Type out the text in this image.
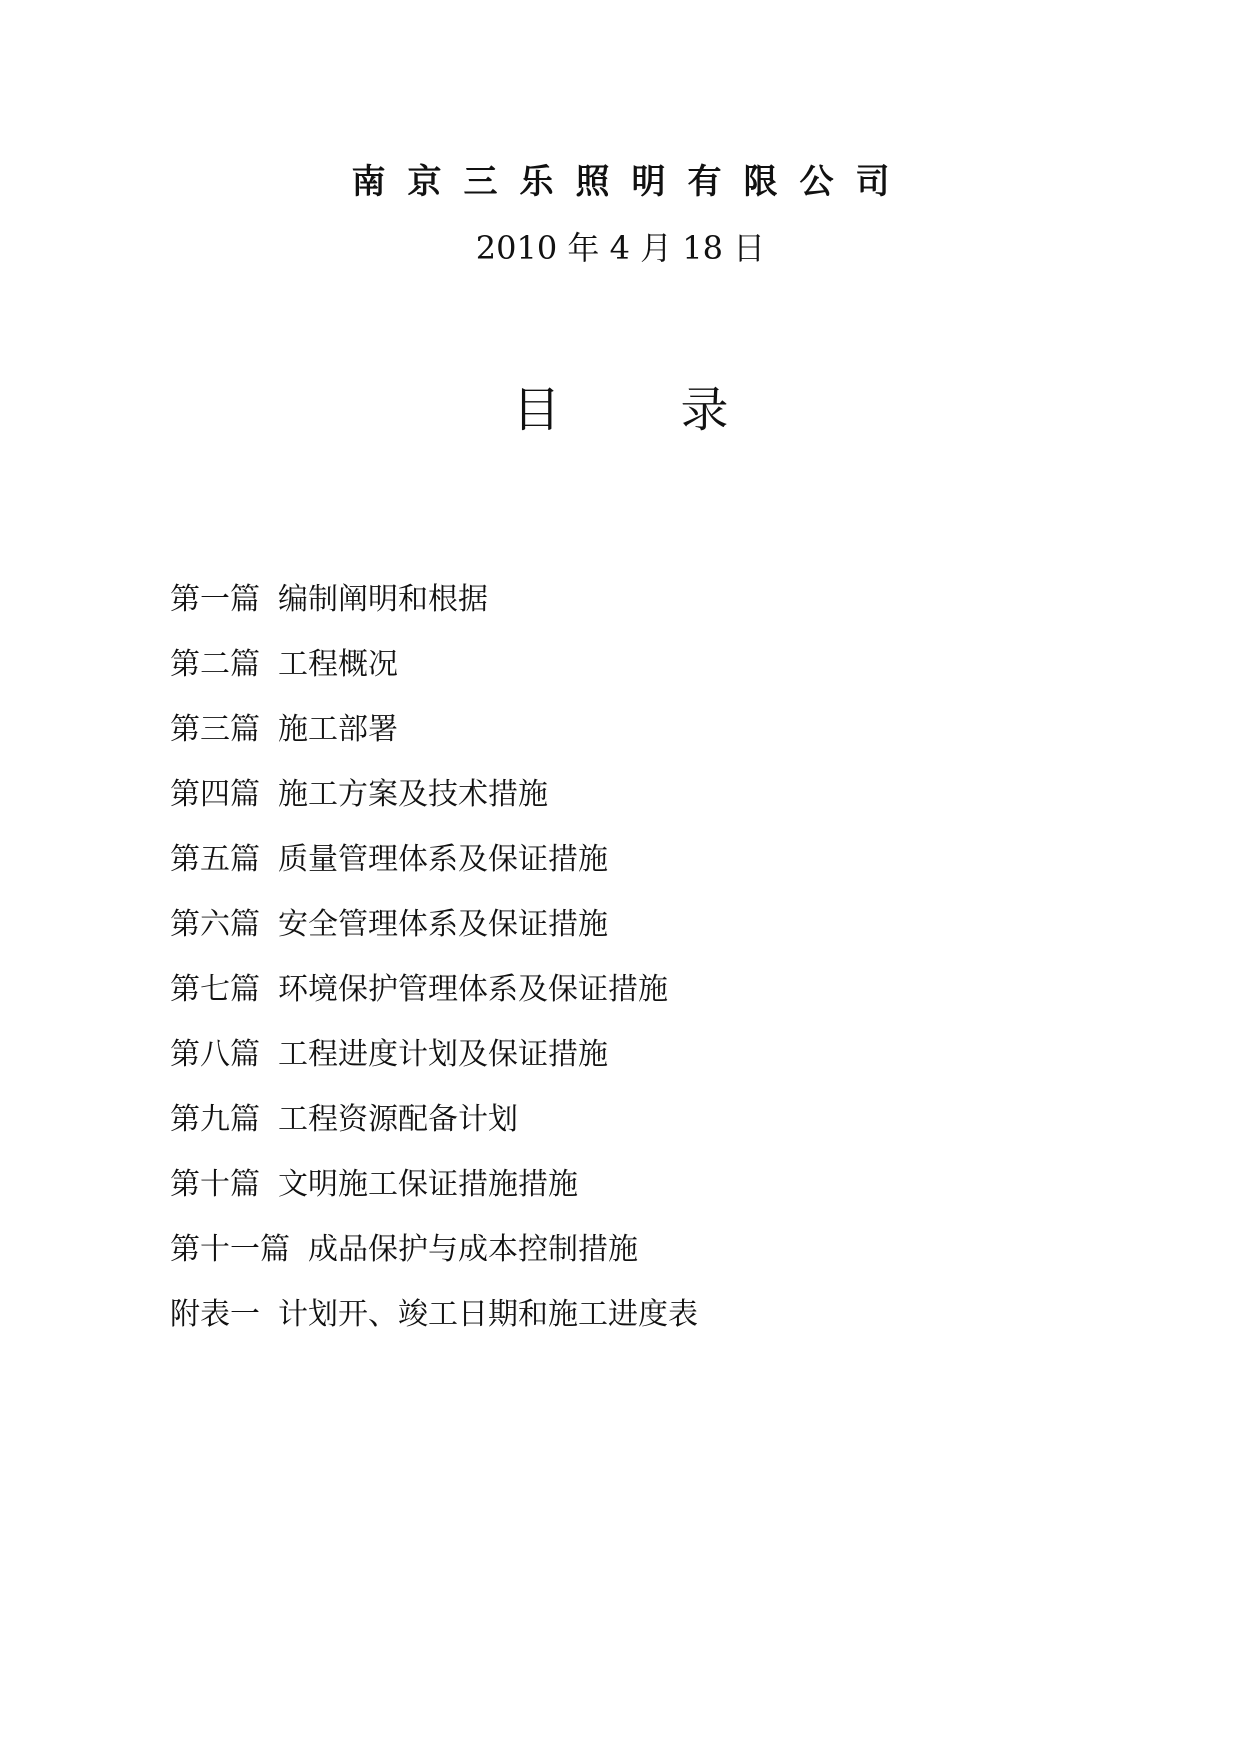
南京三乐照明有限公司
2010 年 4 月 18 日
目	录
第一篇 编制阐明和根据
第二篇 工程概况
第三篇 施工部署
第四篇 施工方案及技术措施
第五篇 质量管理体系及保证措施
第六篇 安全管理体系及保证措施
第七篇 环境保护管理体系及保证措施
第八篇 工程进度计划及保证措施
第九篇 工程资源配备计划
第十篇 文明施工保证措施措施
第十一篇 成品保护与成本控制措施
附表一 计划开、竣工日期和施工进度表
